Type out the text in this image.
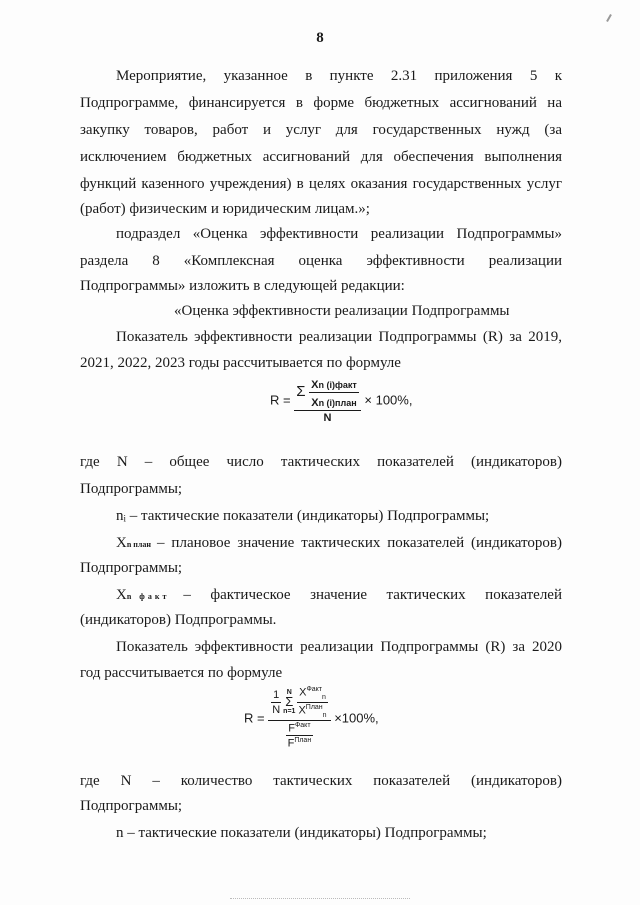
8
Мероприятие, указанное в пункте 2.31 приложения 5 к
Подпрограмме, финансируется в форме бюджетных ассигнований на
закупку товаров, работ и услуг для государственных нужд (за
исключением бюджетных ассигнований для обеспечения выполнения
функций казенного учреждения) в целях оказания государственных услуг
(работ) физическим и юридическим лицам.»;
подраздел «Оценка эффективности реализации Подпрограммы»
раздела 8 «Комплексная оценка эффективности реализации
Подпрограммы» изложить в следующей редакции:
«Оценка эффективности реализации Подпрограммы
Показатель эффективности реализации Подпрограммы (R) за 2019,
2021, 2022, 2023 годы рассчитывается по формуле
$R = \frac{\Sigma \frac{\text{Xn (i)факт}}{\text{Xn (i)план}}}{N} \times 100\%$,
где N – общее число тактических показателей (индикаторов)
Подпрограммы;
nᵢ – тактические показатели (индикаторы) Подпрограммы;
Xn план – плановое значение тактических показателей (индикаторов)
Подпрограммы;
Xn факт – фактическое значение тактических показателей
(индикаторов) Подпрограммы.
Показатель эффективности реализации Подпрограммы (R) за 2020
год рассчитывается по формуле
R =
$\frac{1}{N}$ N
Σ
$n=1 \frac{X^{Факт}_n}{X^{План}_n}$
$\frac{F^{Факт}}{F^{План}}$
×100%,
где N – количество тактических показателей (индикаторов)
Подпрограммы;
n – тактические показатели (индикаторы) Подпрограммы;
